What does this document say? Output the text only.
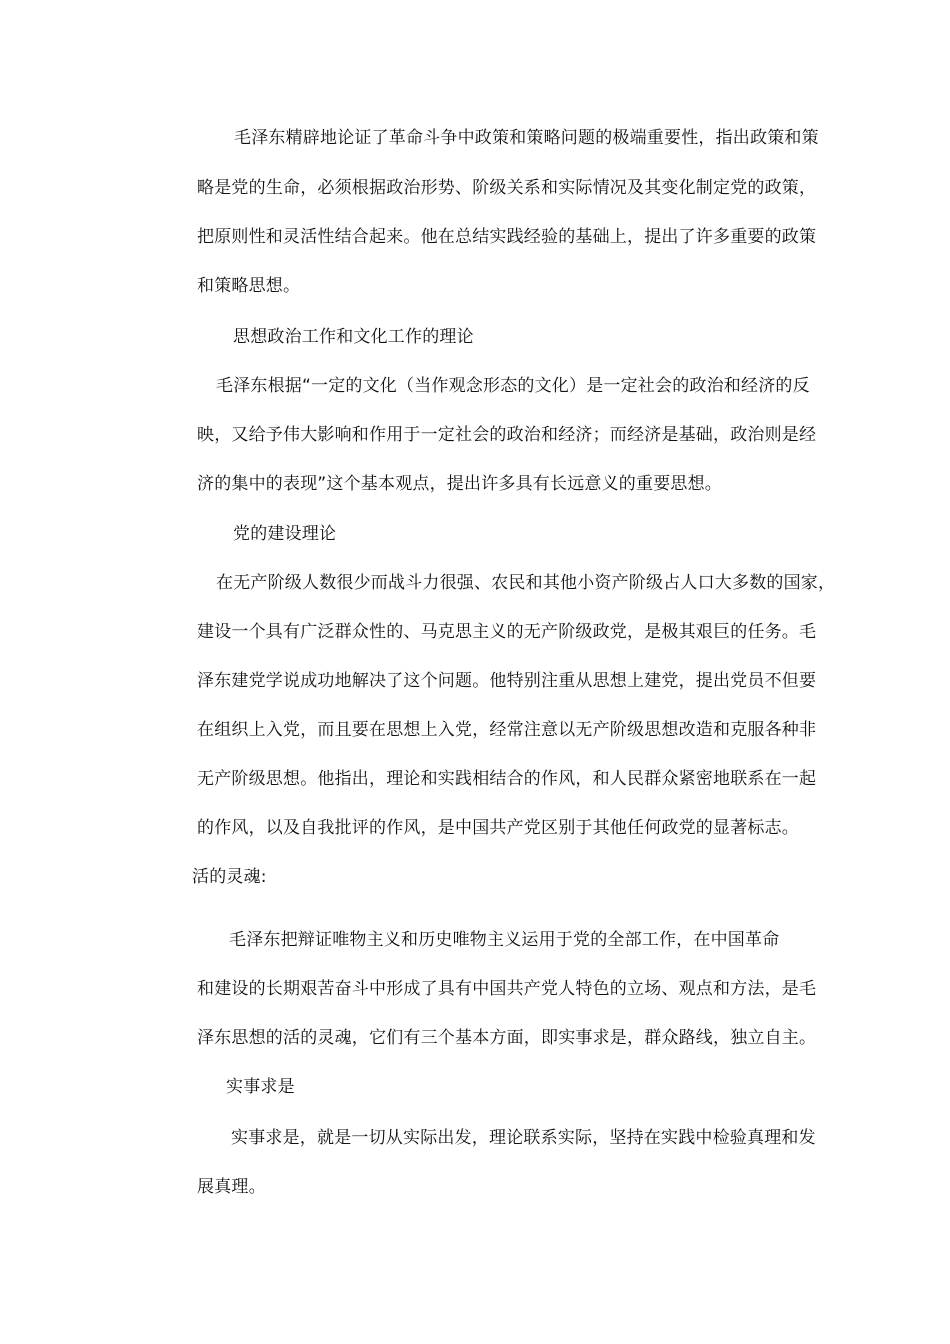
毛泽东精辟地论证了革命斗争中政策和策略问题的极端重要性，指出政策和策
略是党的生命，必须根据政治形势、阶级关系和实际情况及其变化制定党的政策，
把原则性和灵活性结合起来。他在总结实践经验的基础上，提出了许多重要的政策
和策略思想。
思想政治工作和文化工作的理论
毛泽东根据“一定的文化（当作观念形态的文化）是一定社会的政治和经济的反
映，又给予伟大影响和作用于一定社会的政治和经济；而经济是基础，政治则是经
济的集中的表现”这个基本观点，提出许多具有长远意义的重要思想。
党的建设理论
在无产阶级人数很少而战斗力很强、农民和其他小资产阶级占人口大多数的国家，
建设一个具有广泛群众性的、马克思主义的无产阶级政党，是极其艰巨的任务。毛
泽东建党学说成功地解决了这个问题。他特别注重从思想上建党，提出党员不但要
在组织上入党，而且要在思想上入党，经常注意以无产阶级思想改造和克服各种非
无产阶级思想。他指出，理论和实践相结合的作风，和人民群众紧密地联系在一起
的作风，以及自我批评的作风，是中国共产党区别于其他任何政党的显著标志。
活的灵魂:
毛泽东把辩证唯物主义和历史唯物主义运用于党的全部工作，在中国革命
和建设的长期艰苦奋斗中形成了具有中国共产党人特色的立场、观点和方法，是毛
泽东思想的活的灵魂，它们有三个基本方面，即实事求是，群众路线，独立自主。
实事求是
实事求是，就是一切从实际出发，理论联系实际，坚持在实践中检验真理和发
展真理。
